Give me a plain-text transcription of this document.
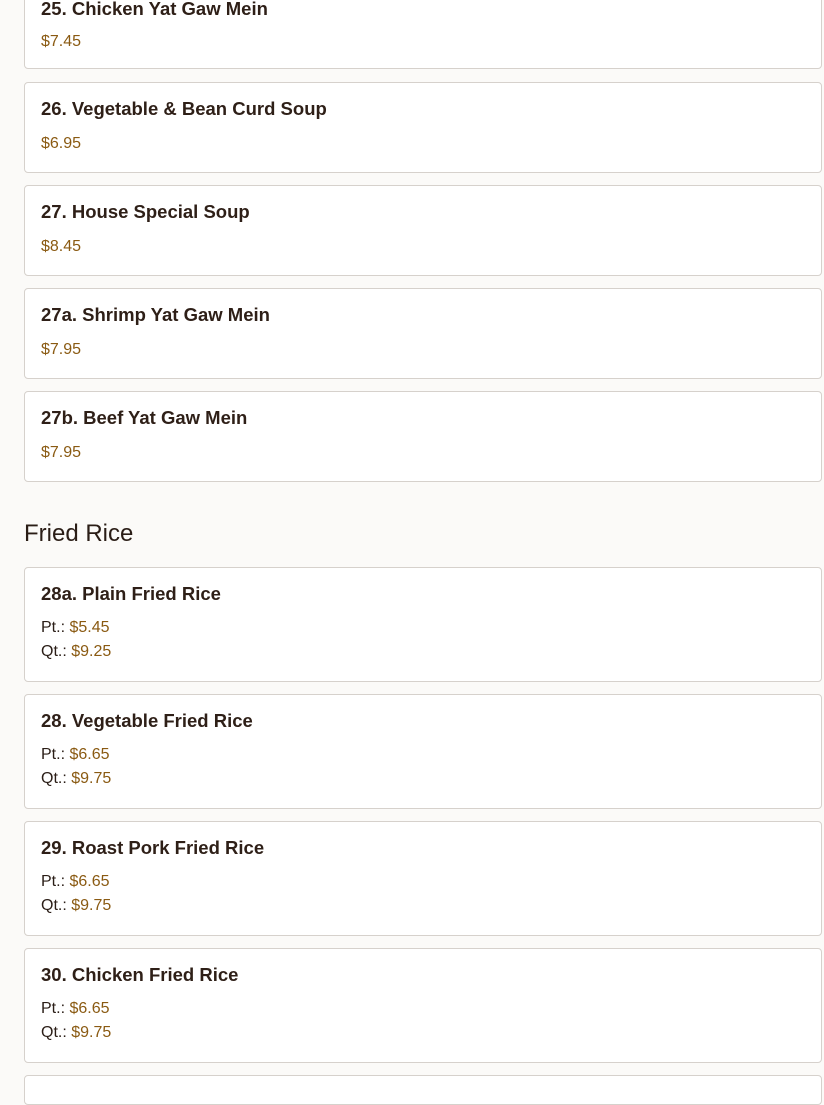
25. Chicken Yat Gaw Mein
$7.45
26. Vegetable & Bean Curd Soup
$6.95
27. House Special Soup
$8.45
27a. Shrimp Yat Gaw Mein
$7.95
27b. Beef Yat Gaw Mein
$7.95
Fried Rice
28a. Plain Fried Rice
Pt.: $5.45
Qt.: $9.25
28. Vegetable Fried Rice
Pt.: $6.65
Qt.: $9.75
29. Roast Pork Fried Rice
Pt.: $6.65
Qt.: $9.75
30. Chicken Fried Rice
Pt.: $6.65
Qt.: $9.75
